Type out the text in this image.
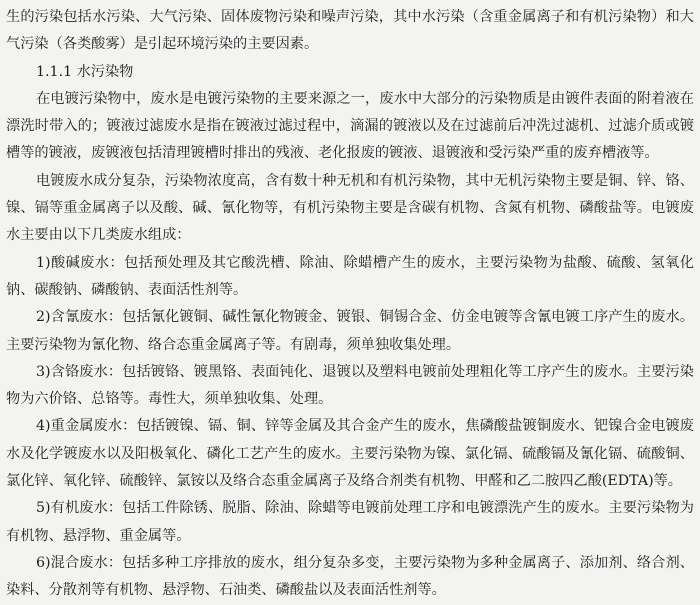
生的污染包括水污染、大气污染、固体废物污染和噪声污染，其中水污染（含重金属离子和有机污染物）和大
气污染（各类酸雾）是引起环境污染的主要因素。
1.1.1 水污染物
在电镀污染物中，废水是电镀污染物的主要来源之一，废水中大部分的污染物质是由镀件表面的附着液在
漂洗时带入的；镀液过滤废水是指在镀液过滤过程中，滴漏的镀液以及在过滤前后冲洗过滤机、过滤介质或镀
槽等的镀液，废镀液包括清理镀槽时排出的残液、老化报废的镀液、退镀液和受污染严重的废弃槽液等。
电镀废水成分复杂，污染物浓度高，含有数十种无机和有机污染物，其中无机污染物主要是铜、锌、铬、
镍、镉等重金属离子以及酸、碱、氰化物等，有机污染物主要是含碳有机物、含氮有机物、磷酸盐等。电镀废
水主要由以下几类废水组成：
1)酸碱废水：包括预处理及其它酸洗槽、除油、除蜡槽产生的废水，主要污染物为盐酸、硫酸、氢氧化
钠、碳酸钠、磷酸钠、表面活性剂等。
2)含氰废水：包括氰化镀铜、碱性氰化物镀金、镀银、铜锡合金、仿金电镀等含氰电镀工序产生的废水。
主要污染物为氰化物、络合态重金属离子等。有剧毒，须单独收集处理。
3)含铬废水：包括镀铬、镀黑铬、表面钝化、退镀以及塑料电镀前处理粗化等工序产生的废水。主要污染
物为六价铬、总铬等。毒性大，须单独收集、处理。
4)重金属废水：包括镀镍、镉、铜、锌等金属及其合金产生的废水，焦磷酸盐镀铜废水、钯镍合金电镀废
水及化学镀废水以及阳极氧化、磷化工艺产生的废水。主要污染物为镍、氯化镉、硫酸镉及氰化镉、硫酸铜、
氯化锌、氧化锌、硫酸锌、氯铵以及络合态重金属离子及络合剂类有机物、甲醛和乙二胺四乙酸(EDTA)等。
5)有机废水：包括工件除锈、脱脂、除油、除蜡等电镀前处理工序和电镀漂洗产生的废水。主要污染物为
有机物、悬浮物、重金属等。
6)混合废水：包括多种工序排放的废水，组分复杂多变，主要污染物为多种金属离子、添加剂、络合剂、
染料、分散剂等有机物、悬浮物、石油类、磷酸盐以及表面活性剂等。
